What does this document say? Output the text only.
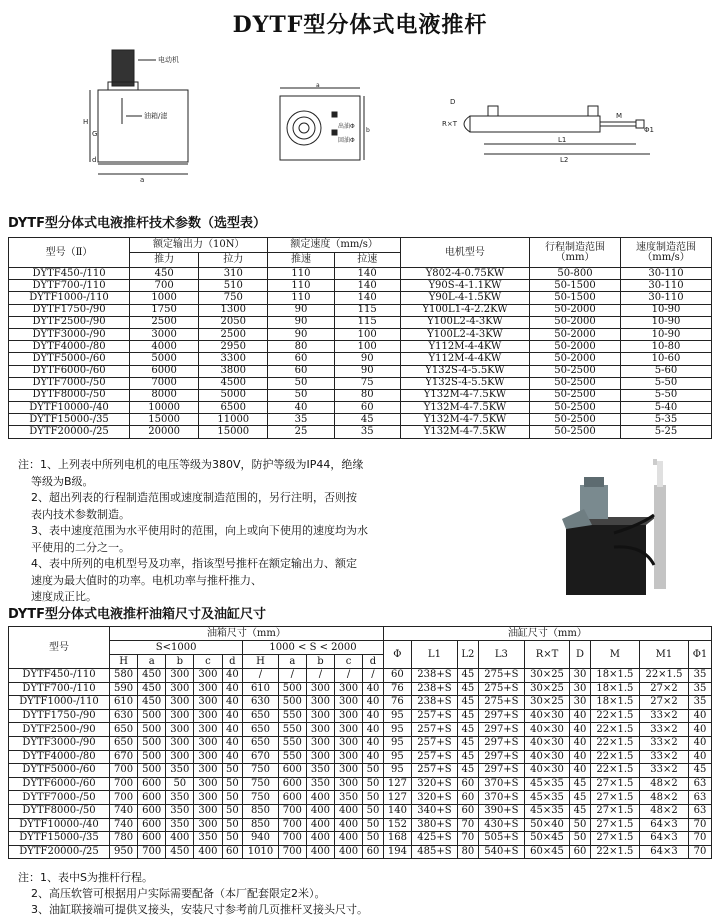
DYTF型分体式电液推杆
电动机
油箱/滤
H
G
d
a
a
b
出油Φ
回油Φ
D
R×T
L1
L2
M
Φ1
DYTF型分体式电液推杆技术参数（选型表）
型号（Ⅱ）	额定输出力（10N）		额定速度（mm/s）		电机型号	行程制造范围（mm）	速度制造范围（mm/s）
	推力	拉力	推速	拉速			
DYTF450-/110	450	310	110	140	Y802-4-0.75KW	50-800	30-110
DYTF700-/110	700	510	110	140	Y90S-4-1.1KW	50-1500	30-110
DYTF1000-/110	1000	750	110	140	Y90L-4-1.5KW	50-1500	30-110
DYTF1750-/90	1750	1300	90	115	Y100L1-4-2.2KW	50-2000	10-90
DYTF2500-/90	2500	2050	90	115	Y100L2-4-3KW	50-2000	10-90
DYTF3000-/90	3000	2500	90	100	Y100L2-4-3KW	50-2000	10-90
DYTF4000-/80	4000	2950	80	100	Y112M-4-4KW	50-2000	10-80
DYTF5000-/60	5000	3300	60	90	Y112M-4-4KW	50-2000	10-60
DYTF6000-/60	6000	3800	60	90	Y132S-4-5.5KW	50-2500	5-60
DYTF7000-/50	7000	4500	50	75	Y132S-4-5.5KW	50-2500	5-50
DYTF8000-/50	8000	5000	50	80	Y132M-4-7.5KW	50-2500	5-50
DYTF10000-/40	10000	6500	40	60	Y132M-4-7.5KW	50-2500	5-40
DYTF15000-/35	15000	11000	35	45	Y132M-4-7.5KW	50-2500	5-35
DYTF20000-/25	20000	15000	25	35	Y132M-4-7.5KW	50-2500	5-25
注：1、上列表中所列电机的电压等级为380V，防护等级为IP44，绝缘
等级为B级。
2、超出列表的行程制造范围或速度制造范围的，另行注明，否则按
表内技术参数制造。
3、表中速度范围为水平使用时的范围，向上或向下使用的速度均为水
平使用的二分之一。
4、表中所列的电机型号及功率，指该型号推杆在额定输出力、额定
速度为最大值时的功率。电机功率与推杆推力、
速度成正比。
DYTF型分体式电液推杆油箱尺寸及油缸尺寸
型号	油箱尺寸（mm）										油缸尺寸（mm）								
	S<1000					1000 < S < 2000					Φ	L1	L2	L3	R×T	D	M	M1	Φ1
	H	a	b	c	d	H	a	b	c	d									
DYTF450-/110	580	450	300	300	40	/	/	/	/	/	60	238+S	45	275+S	30×25	30	18×1.5	22×1.5	35
DYTF700-/110	590	450	300	300	40	610	500	300	300	40	76	238+S	45	275+S	30×25	30	18×1.5	27×2	35
DYTF1000-/110	610	450	300	300	40	630	500	300	300	40	76	238+S	45	275+S	30×25	30	18×1.5	27×2	35
DYTF1750-/90	630	500	300	300	40	650	550	300	300	40	95	257+S	45	297+S	40×30	40	22×1.5	33×2	40
DYTF2500-/90	650	500	300	300	40	650	550	300	300	40	95	257+S	45	297+S	40×30	40	22×1.5	33×2	40
DYTF3000-/90	650	500	300	300	40	650	550	300	300	40	95	257+S	45	297+S	40×30	40	22×1.5	33×2	40
DYTF4000-/80	670	500	300	300	40	670	550	300	300	40	95	257+S	45	297+S	40×30	40	22×1.5	33×2	40
DYTF5000-/60	700	500	350	300	50	750	600	350	300	50	95	257+S	45	297+S	40×30	40	22×1.5	33×2	45
DYTF6000-/60	700	600	50	300	50	750	600	350	300	50	127	320+S	60	370+S	45×35	45	27×1.5	48×2	63
DYTF7000-/50	700	600	350	300	50	750	600	400	350	50	127	320+S	60	370+S	45×35	45	27×1.5	48×2	63
DYTF8000-/50	740	600	350	300	50	850	700	400	400	50	140	340+S	60	390+S	45×35	45	27×1.5	48×2	63
DYTF10000-/40	740	600	350	300	50	850	700	400	400	50	152	380+S	70	430+S	50×40	50	27×1.5	64×3	70
DYTF15000-/35	780	600	400	350	50	940	700	400	400	50	168	425+S	70	505+S	50×45	50	27×1.5	64×3	70
DYTF20000-/25	950	700	450	400	60	1010	700	400	400	60	194	485+S	80	540+S	60×45	60	22×1.5	64×3	70
注：1、表中S为推杆行程。
2、高压软管可根据用户实际需要配备（本厂配套限定2米）。
3、油缸联接端可提供叉接头，安装尺寸参考前几页推杆叉接头尺寸。
